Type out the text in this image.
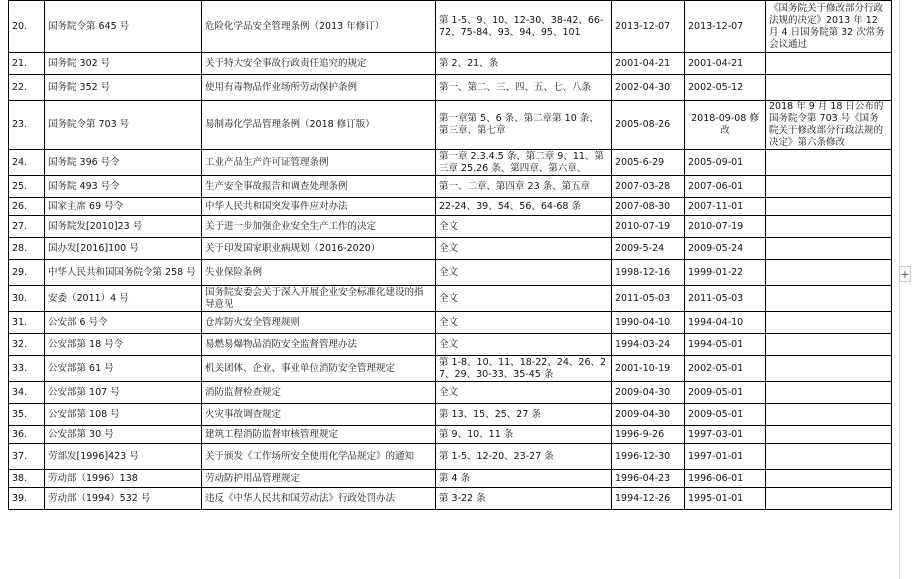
20.	国务院令第 645 号	危险化学品安全管理条例（2013 年修订）	第 1-5、9、10、12-30、38-42、66-72、75-84、93、94、95、101	2013-12-07	2013-12-07	《国务院关于修改部分行政法规的决定》2013 年 12 月 4 日国务院第 32 次常务会议通过
21.	国务院 302 号	关于特大安全事故行政责任追究的规定	第 2、21、条	2001-04-21	2001-04-21	
22.	国务院 352 号	使用有毒物品作业场所劳动保护条例	第一、第二、三、四、五、七、八条	2002-04-30	2002-05-12	
23.	国务院令第 703 号	易制毒化学品管理条例（2018 修订版）	第一章第 5、6 条、第二章第 10 条、第三章、第七章	2005-08-26	2018-09-08 修改	2018 年 9 月 18 日公布的国务院令第 703 号《国务院关于修改部分行政法规的决定》第六条修改
24.	国务院 396 号令	工业产品生产许可证管理条例	第一章 2.3.4.5 条、第二章 9、11、第三章 25.26 条、第四章、第六章、	2005-6-29	2005-09-01	
25.	国务院 493 号令	生产安全事故报告和调查处理条例	第一、二章、第四章 23 条、第五章	2007-03-28	2007-06-01	
26.	国家主席 69 号令	中华人民共和国突发事件应对办法	22-24、39、54、56、64-68 条	2007-08-30	2007-11-01	
27.	国务院发[2010]23 号	关于进一步加强企业安全生产工作的决定	全文	2010-07-19	2010-07-19	
28.	国办发[2016]100 号	关于印发国家职业病规划（2016-2020）	全文	2009-5-24	2009-05-24	
29.	中华人民共和国国务院令第 258 号	失业保险条例	全文	1998-12-16	1999-01-22	
30.	安委（2011）4 号	国务院安委会关于深入开展企业安全标准化建设的指导意见	全文	2011-05-03	2011-05-03	
31.	公安部 6 号令	仓库防火安全管理规则	全文	1990-04-10	1994-04-10	
32.	公安部第 18 号令	易燃易爆物品消防安全监督管理办法	全文	1994-03-24	1994-05-01	
33.	公安部第 61 号	机关团体、企业、事业单位消防安全管理规定	第 1-8、10、11、18-22、24、26、27、29、30-33、35-45 条	2001-10-19	2002-05-01	
34.	公安部第 107 号	消防监督检查规定	全文	2009-04-30	2009-05-01	
35.	公安部第 108 号	火灾事故调查规定	第 13、15、25、27 条	2009-04-30	2009-05-01	
36.	公安部第 30 号	建筑工程消防监督审核管理规定	第 9、10、11 条	1996-9-26	1997-03-01	
37.	劳部发[1996]423 号	关于颁发《工作场所安全使用化学品规定》的通知	第 1-5、12-20、23-27 条	1996-12-30	1997-01-01	
38.	劳动部（1996）138	劳动防护用品管理规定	第 4 条	1996-04-23	1996-06-01	
39.	劳动部（1994）532 号	违反《中华人民共和国劳动法》行政处罚办法	第 3-22 条	1994-12-26	1995-01-01	
+
